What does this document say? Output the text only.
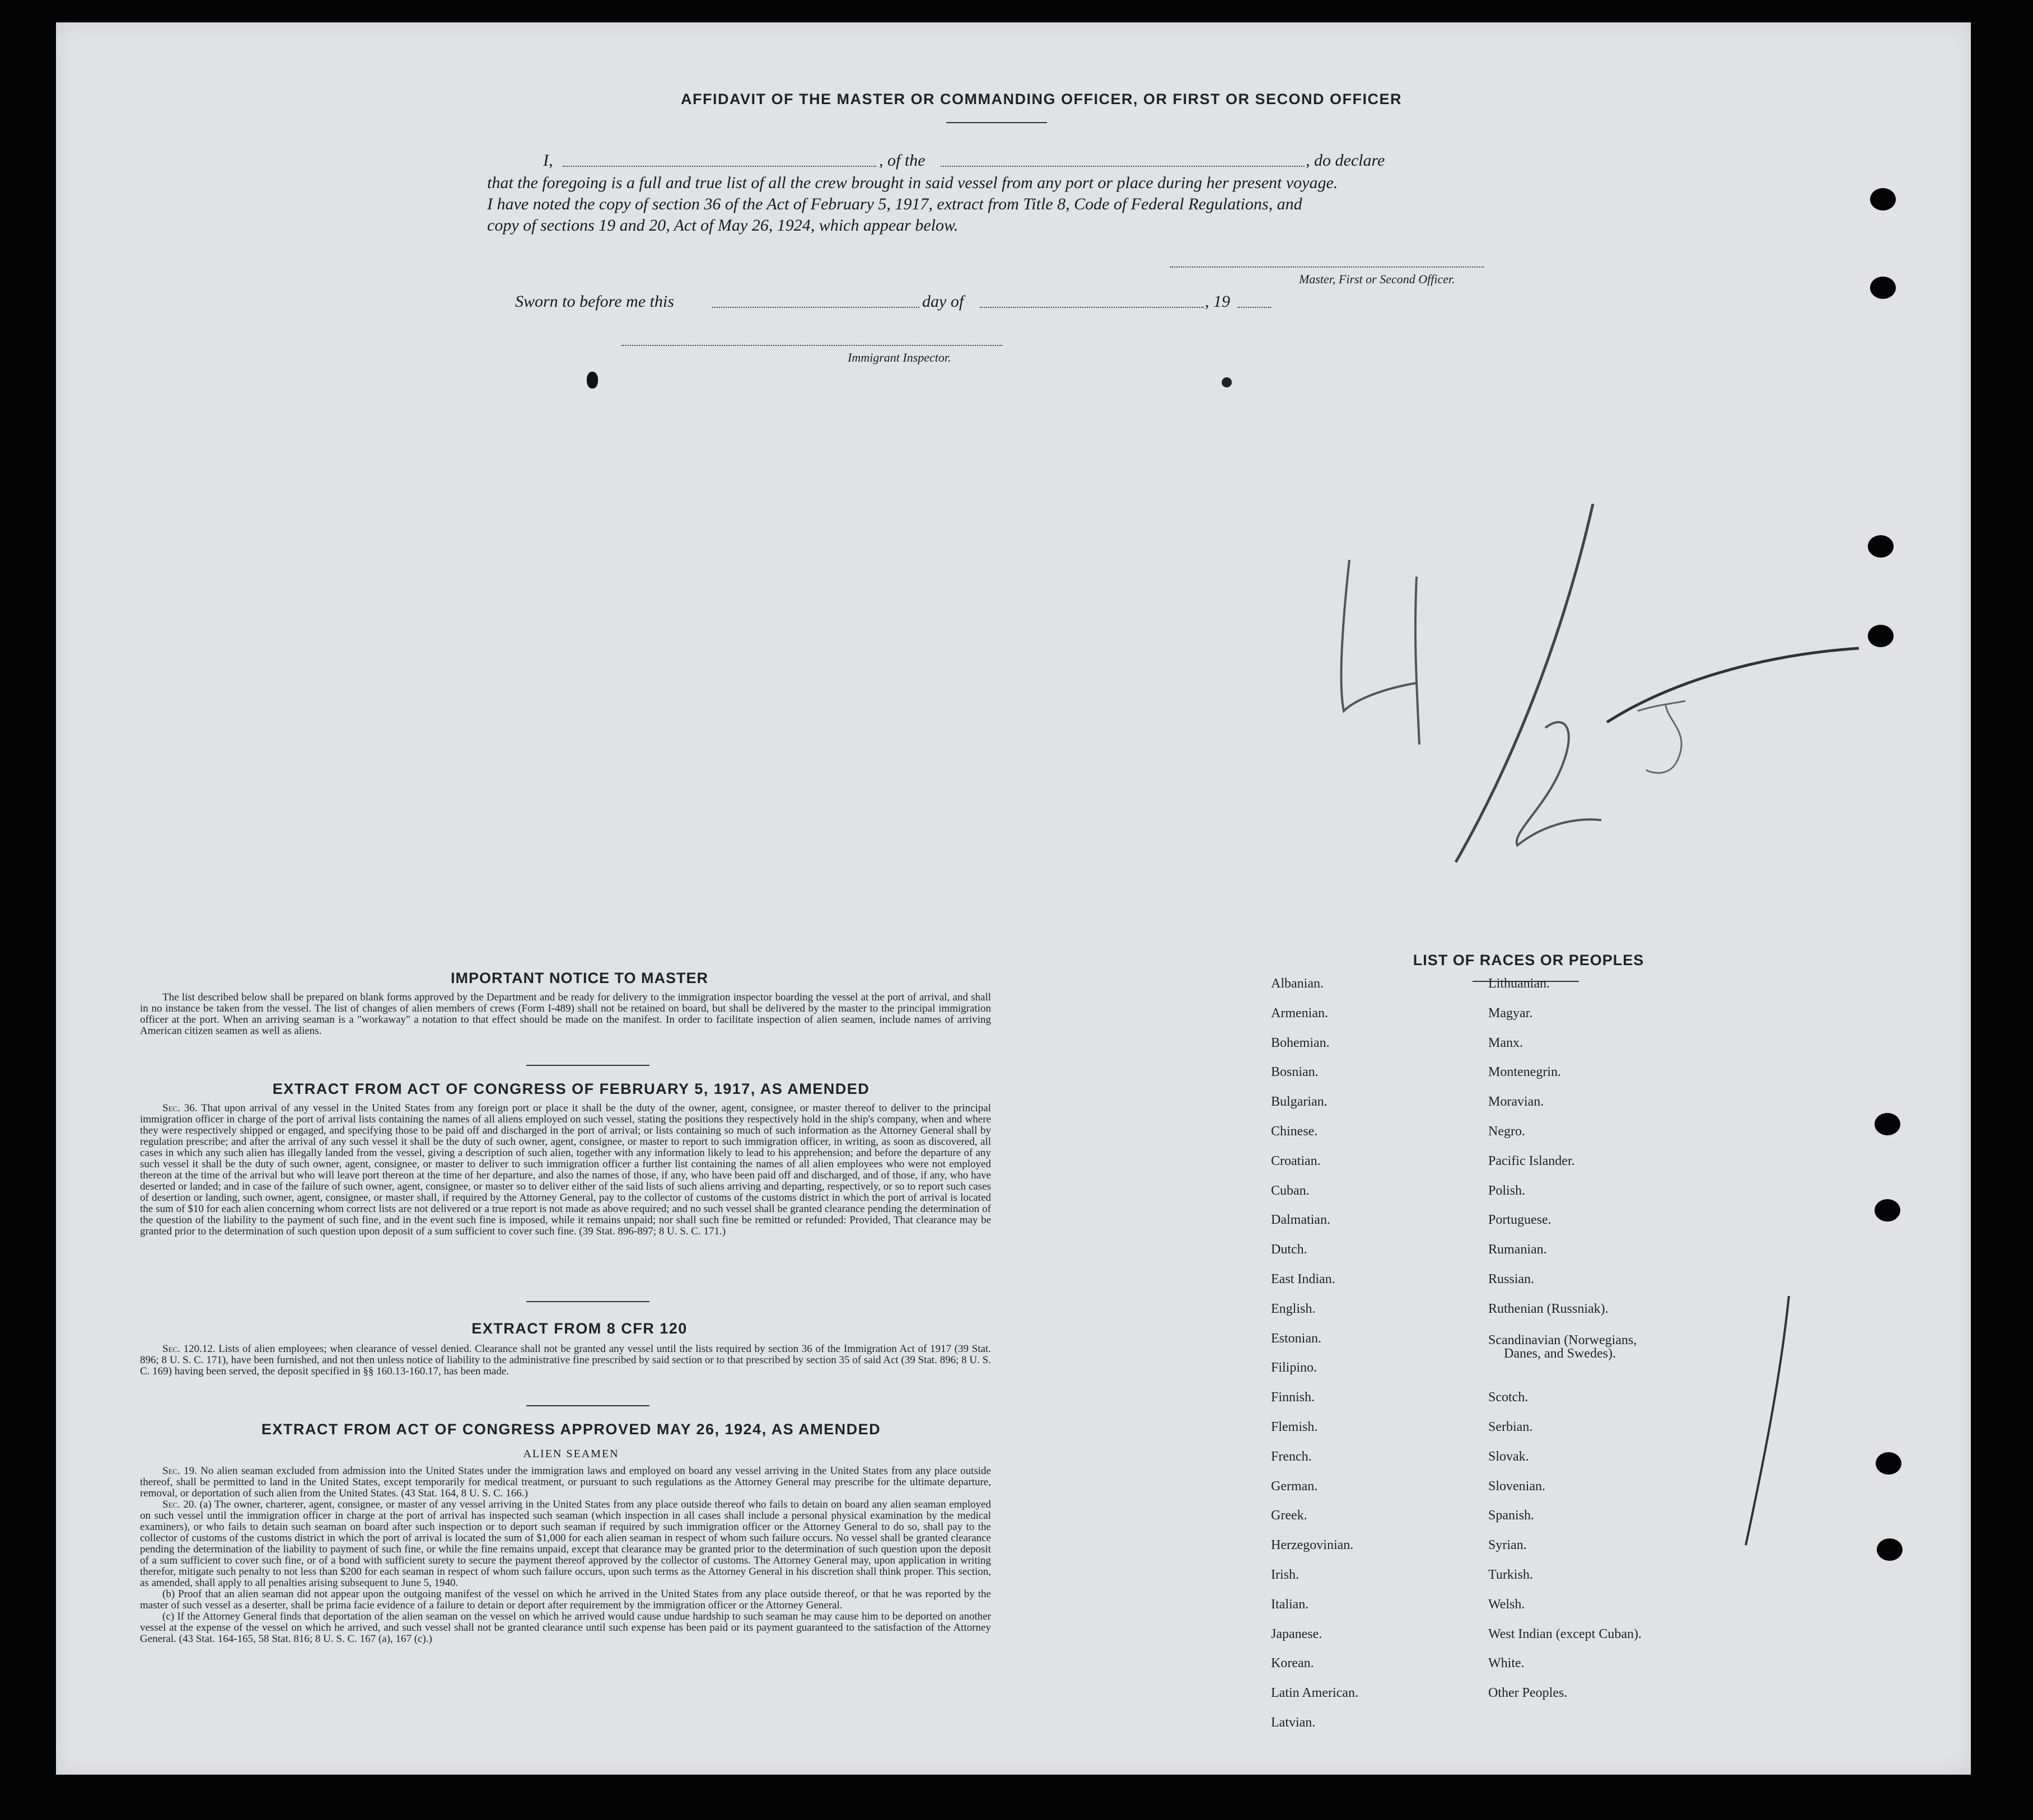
AFFIDAVIT OF THE MASTER OR COMMANDING OFFICER, OR FIRST OR SECOND OFFICER
I,	, of the	, do declare
that the foregoing is a full and true list of all the crew brought in said vessel from any port or place during her present voyage.
I have noted the copy of section 36 of the Act of February 5, 1917, extract from Title 8, Code of Federal Regulations, and
copy of sections 19 and 20, Act of May 26, 1924, which appear below.
Master, First or Second Officer.
Sworn to before me this	day of	, 19
Immigrant Inspector.
IMPORTANT NOTICE TO MASTER

The list described below shall be prepared on blank forms approved by the Department and be ready for delivery to the immigration inspector boarding the vessel at the port of arrival, and shall in no instance be taken from the vessel. The list of changes of alien members of crews (Form I-489) shall not be retained on board, but shall be delivered by the master to the principal immigration officer at the port. When an arriving seaman is a "workaway" a notation to that effect should be made on the manifest. In order to facilitate inspection of alien seamen, include names of arriving American citizen seamen as well as aliens.

EXTRACT FROM ACT OF CONGRESS OF FEBRUARY 5, 1917, AS AMENDED

Sec. 36. That upon arrival of any vessel in the United States from any foreign port or place it shall be the duty of the owner, agent, consignee, or master thereof to deliver to the principal immigration officer in charge of the port of arrival lists containing the names of all aliens employed on such vessel, stating the positions they respectively hold in the ship's company, when and where they were respectively shipped or engaged, and specifying those to be paid off and discharged in the port of arrival; or lists containing so much of such information as the Attorney General shall by regulation prescribe; and after the arrival of any such vessel it shall be the duty of such owner, agent, consignee, or master to report to such immigration officer, in writing, as soon as discovered, all cases in which any such alien has illegally landed from the vessel, giving a description of such alien, together with any information likely to lead to his apprehension; and before the departure of any such vessel it shall be the duty of such owner, agent, consignee, or master to deliver to such immigration officer a further list containing the names of all alien employees who were not employed thereon at the time of the arrival but who will leave port thereon at the time of her departure, and also the names of those, if any, who have been paid off and discharged, and of those, if any, who have deserted or landed; and in case of the failure of such owner, agent, consignee, or master so to deliver either of the said lists of such aliens arriving and departing, respectively, or so to report such cases of desertion or landing, such owner, agent, consignee, or master shall, if required by the Attorney General, pay to the collector of customs of the customs district in which the port of arrival is located the sum of $10 for each alien concerning whom correct lists are not delivered or a true report is not made as above required; and no such vessel shall be granted clearance pending the determination of the question of the liability to the payment of such fine, and in the event such fine is imposed, while it remains unpaid; nor shall such fine be remitted or refunded: Provided, That clearance may be granted prior to the determination of such question upon deposit of a sum sufficient to cover such fine. (39 Stat. 896-897; 8 U. S. C. 171.)

EXTRACT FROM 8 CFR 120

Sec. 120.12. Lists of alien employees; when clearance of vessel denied. Clearance shall not be granted any vessel until the lists required by section 36 of the Immigration Act of 1917 (39 Stat. 896; 8 U. S. C. 171), have been furnished, and not then unless notice of liability to the administrative fine prescribed by said section or to that prescribed by section 35 of said Act (39 Stat. 896; 8 U. S. C. 169) having been served, the deposit specified in §§ 160.13-160.17, has been made.

EXTRACT FROM ACT OF CONGRESS APPROVED MAY 26, 1924, AS AMENDED
ALIEN SEAMEN

Sec. 19. No alien seaman excluded from admission into the United States under the immigration laws and employed on board any vessel arriving in the United States from any place outside thereof, shall be permitted to land in the United States, except temporarily for medical treatment, or pursuant to such regulations as the Attorney General may prescribe for the ultimate departure, removal, or deportation of such alien from the United States. (43 Stat. 164, 8 U. S. C. 166.)

Sec. 20. (a) The owner, charterer, agent, consignee, or master of any vessel arriving in the United States from any place outside thereof who fails to detain on board any alien seaman employed on such vessel until the immigration officer in charge at the port of arrival has inspected such seaman (which inspection in all cases shall include a personal physical examination by the medical examiners), or who fails to detain such seaman on board after such inspection or to deport such seaman if required by such immigration officer or the Attorney General to do so, shall pay to the collector of customs of the customs district in which the port of arrival is located the sum of $1,000 for each alien seaman in respect of whom such failure occurs. No vessel shall be granted clearance pending the determination of the liability to payment of such fine, or while the fine remains unpaid, except that clearance may be granted prior to the determination of such question upon the deposit of a sum sufficient to cover such fine, or of a bond with sufficient surety to secure the payment thereof approved by the collector of customs. The Attorney General may, upon application in writing therefor, mitigate such penalty to not less than $200 for each seaman in respect of whom such failure occurs, upon such terms as the Attorney General in his discretion shall think proper. This section, as amended, shall apply to all penalties arising subsequent to June 5, 1940.

(b) Proof that an alien seaman did not appear upon the outgoing manifest of the vessel on which he arrived in the United States from any place outside thereof, or that he was reported by the master of such vessel as a deserter, shall be prima facie evidence of a failure to detain or deport after requirement by the immigration officer or the Attorney General.

(c) If the Attorney General finds that deportation of the alien seaman on the vessel on which he arrived would cause undue hardship to such seaman he may cause him to be deported on another vessel at the expense of the vessel on which he arrived, and such vessel shall not be granted clearance until such expense has been paid or its payment guaranteed to the satisfaction of the Attorney General. (43 Stat. 164-165, 58 Stat. 816; 8 U. S. C. 167 (a), 167 (c).)

LIST OF RACES OR PEOPLES
Albanian.
Armenian.
Bohemian.
Bosnian.
Bulgarian.
Chinese.
Croatian.
Cuban.
Dalmatian.
Dutch.
East Indian.
English.
Estonian.
Filipino.
Finnish.
Flemish.
French.
German.
Greek.
Herzegovinian.
Irish.
Italian.
Japanese.
Korean.
Latin American.
Latvian.
Lithuanian.
Magyar.
Manx.
Montenegrin.
Moravian.
Negro.
Pacific Islander.
Polish.
Portuguese.
Rumanian.
Russian.
Ruthenian (Russniak).
Scandinavian (Norwegians,
Danes, and Swedes).
Scotch.
Serbian.
Slovak.
Slovenian.
Spanish.
Syrian.
Turkish.
Welsh.
West Indian (except Cuban).
White.
Other Peoples.
